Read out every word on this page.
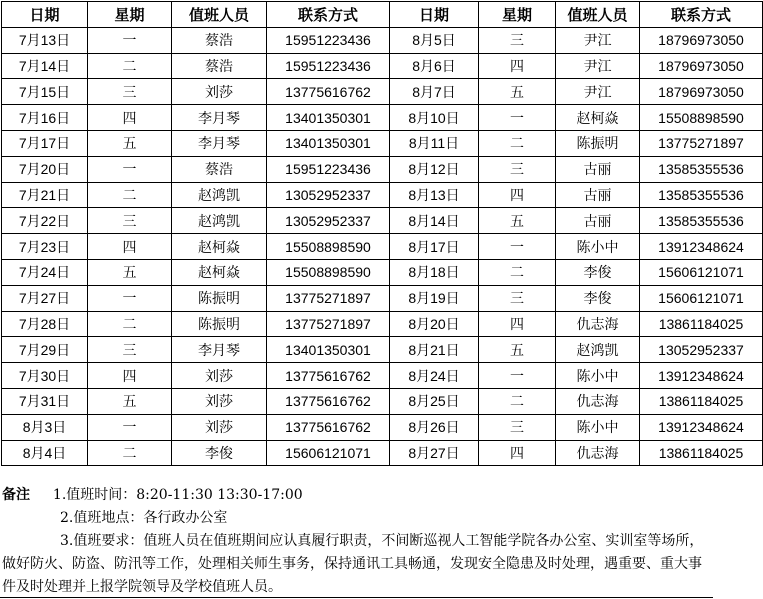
日期	星期	值班人员	联系方式	日期	星期	值班人员	联系方式
7月13日	一	蔡浩	15951223436	8月5日	三	尹江	18796973050
7月14日	二	蔡浩	15951223436	8月6日	四	尹江	18796973050
7月15日	三	刘莎	13775616762	8月7日	五	尹江	18796973050
7月16日	四	李月琴	13401350301	8月10日	一	赵柯焱	15508898590
7月17日	五	李月琴	13401350301	8月11日	二	陈振明	13775271897
7月20日	一	蔡浩	15951223436	8月12日	三	古丽	13585355536
7月21日	二	赵鸿凯	13052952337	8月13日	四	古丽	13585355536
7月22日	三	赵鸿凯	13052952337	8月14日	五	古丽	13585355536
7月23日	四	赵柯焱	15508898590	8月17日	一	陈小中	13912348624
7月24日	五	赵柯焱	15508898590	8月18日	二	李俊	15606121071
7月27日	一	陈振明	13775271897	8月19日	三	李俊	15606121071
7月28日	二	陈振明	13775271897	8月20日	四	仇志海	13861184025
7月29日	三	李月琴	13401350301	8月21日	五	赵鸿凯	13052952337
7月30日	四	刘莎	13775616762	8月24日	一	陈小中	13912348624
7月31日	五	刘莎	13775616762	8月25日	二	仇志海	13861184025
8月3日	一	刘莎	13775616762	8月26日	三	陈小中	13912348624
8月4日	二	李俊	15606121071	8月27日	四	仇志海	13861184025
备注 1.值班时间：8:20-11:30 13:30-17:00
2.值班地点：各行政办公室
3.值班要求：值班人员在值班期间应认真履行职责，不间断巡视人工智能学院各办公室、实训室等场所，做好防火、防盗、防汛等工作，处理相关师生事务，保持通讯工具畅通，发现安全隐患及时处理，遇重要、重大事件及时处理并上报学院领导及学校值班人员。
